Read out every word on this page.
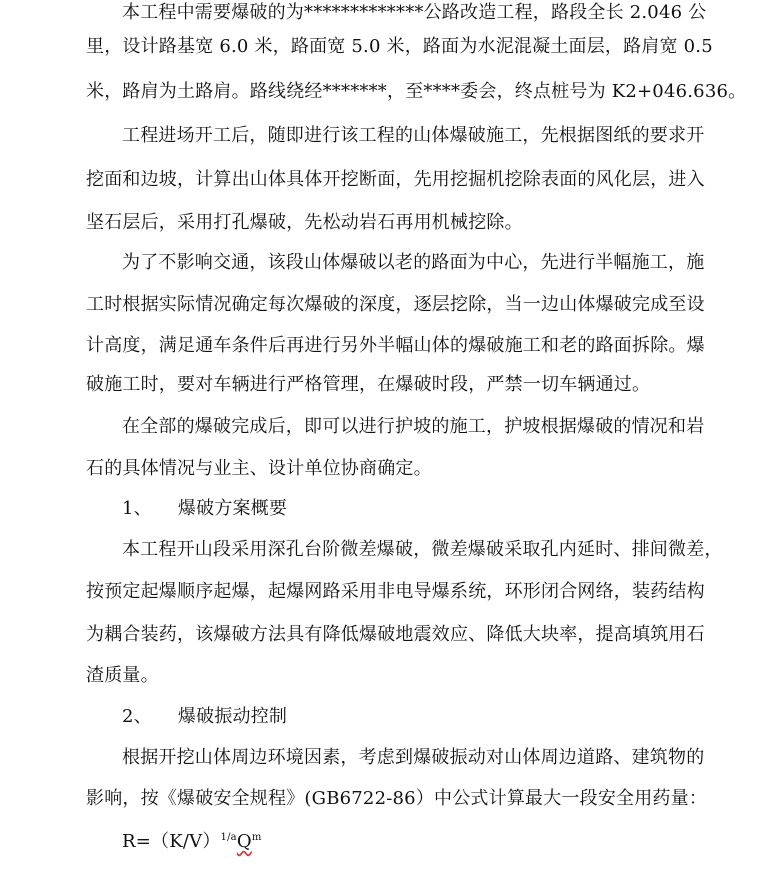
本工程中需要爆破的为*************公路改造工程，路段全长 2.046 公
里，设计路基宽 6.0 米，路面宽 5.0 米，路面为水泥混凝土面层，路肩宽 0.5
米，路肩为土路肩。路线绕经*******，至****委会，终点桩号为 K2+046.636。
工程进场开工后，随即进行该工程的山体爆破施工，先根据图纸的要求开
挖面和边坡，计算出山体具体开挖断面，先用挖掘机挖除表面的风化层，进入
坚石层后，采用打孔爆破，先松动岩石再用机械挖除。
为了不影响交通，该段山体爆破以老的路面为中心，先进行半幅施工，施
工时根据实际情况确定每次爆破的深度，逐层挖除，当一边山体爆破完成至设
计高度，满足通车条件后再进行另外半幅山体的爆破施工和老的路面拆除。爆
破施工时，要对车辆进行严格管理，在爆破时段，严禁一切车辆通过。
在全部的爆破完成后，即可以进行护坡的施工，护坡根据爆破的情况和岩
石的具体情况与业主、设计单位协商确定。
1、 爆破方案概要
本工程开山段采用深孔台阶微差爆破，微差爆破采取孔内延时、排间微差，
按预定起爆顺序起爆，起爆网路采用非电导爆系统，环形闭合网络，装药结构
为耦合装药，该爆破方法具有降低爆破地震效应、降低大块率，提高填筑用石
渣质量。
2、 爆破振动控制
根据开挖山体周边环境因素，考虑到爆破振动对山体周边道路、建筑物的
影响，按《爆破安全规程》(GB6722-86）中公式计算最大一段安全用药量：
$R=(K/V)^{1/a}Q^m$
